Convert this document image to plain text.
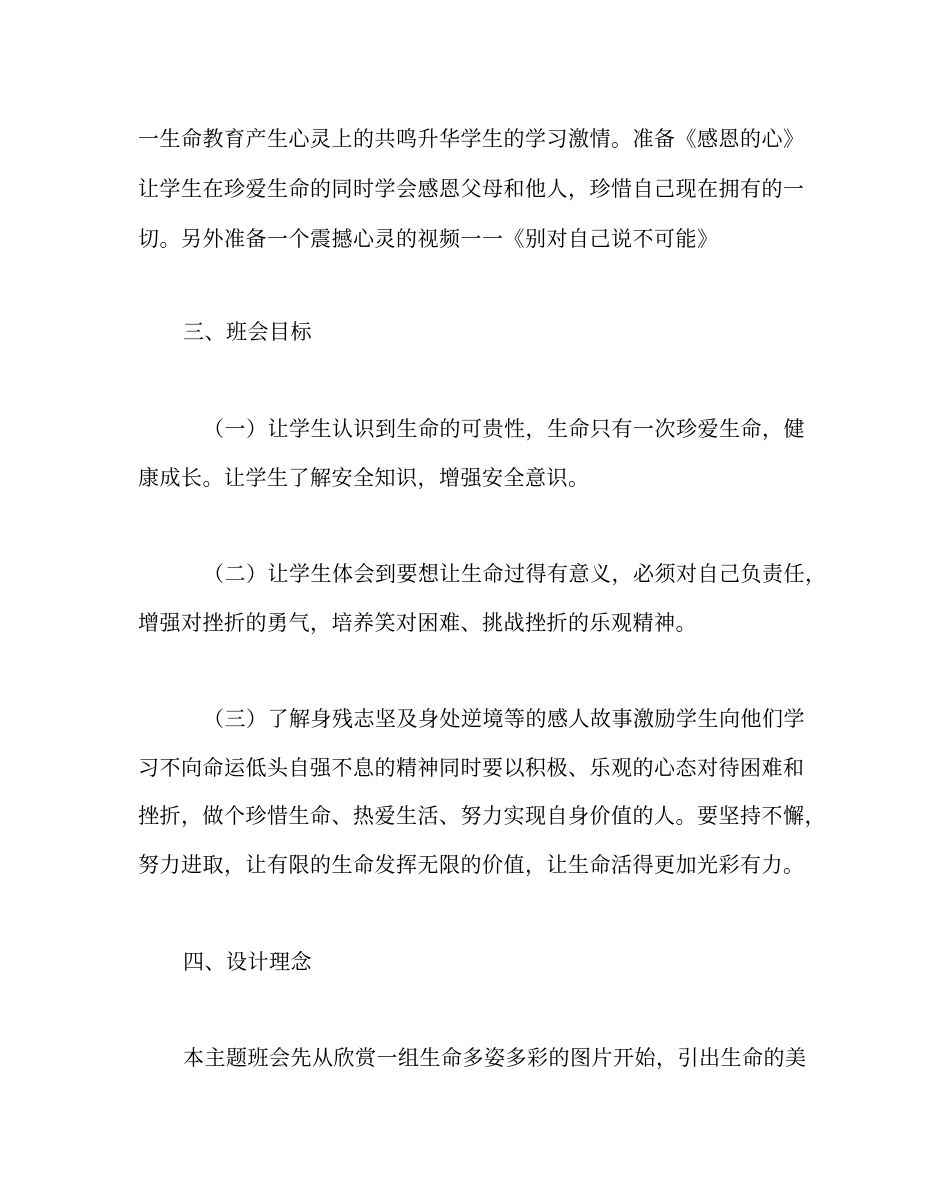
一生命教育产生心灵上的共鸣升华学生的学习激情。准备《感恩的心》
让学生在珍爱生命的同时学会感恩父母和他人，珍惜自己现在拥有的一
切。另外准备一个震撼心灵的视频一一《别对自己说不可能》
三、班会目标
（一）让学生认识到生命的可贵性，生命只有一次珍爱生命，健
康成长。让学生了解安全知识，增强安全意识。
（二）让学生体会到要想让生命过得有意义，必须对自己负责任，
增强对挫折的勇气，培养笑对困难、挑战挫折的乐观精神。
（三）了解身残志坚及身处逆境等的感人故事激励学生向他们学
习不向命运低头自强不息的精神同时要以积极、乐观的心态对待困难和
挫折，做个珍惜生命、热爱生活、努力实现自身价值的人。要坚持不懈，
努力进取，让有限的生命发挥无限的价值，让生命活得更加光彩有力。
四、设计理念
本主题班会先从欣赏一组生命多姿多彩的图片开始，引出生命的美
